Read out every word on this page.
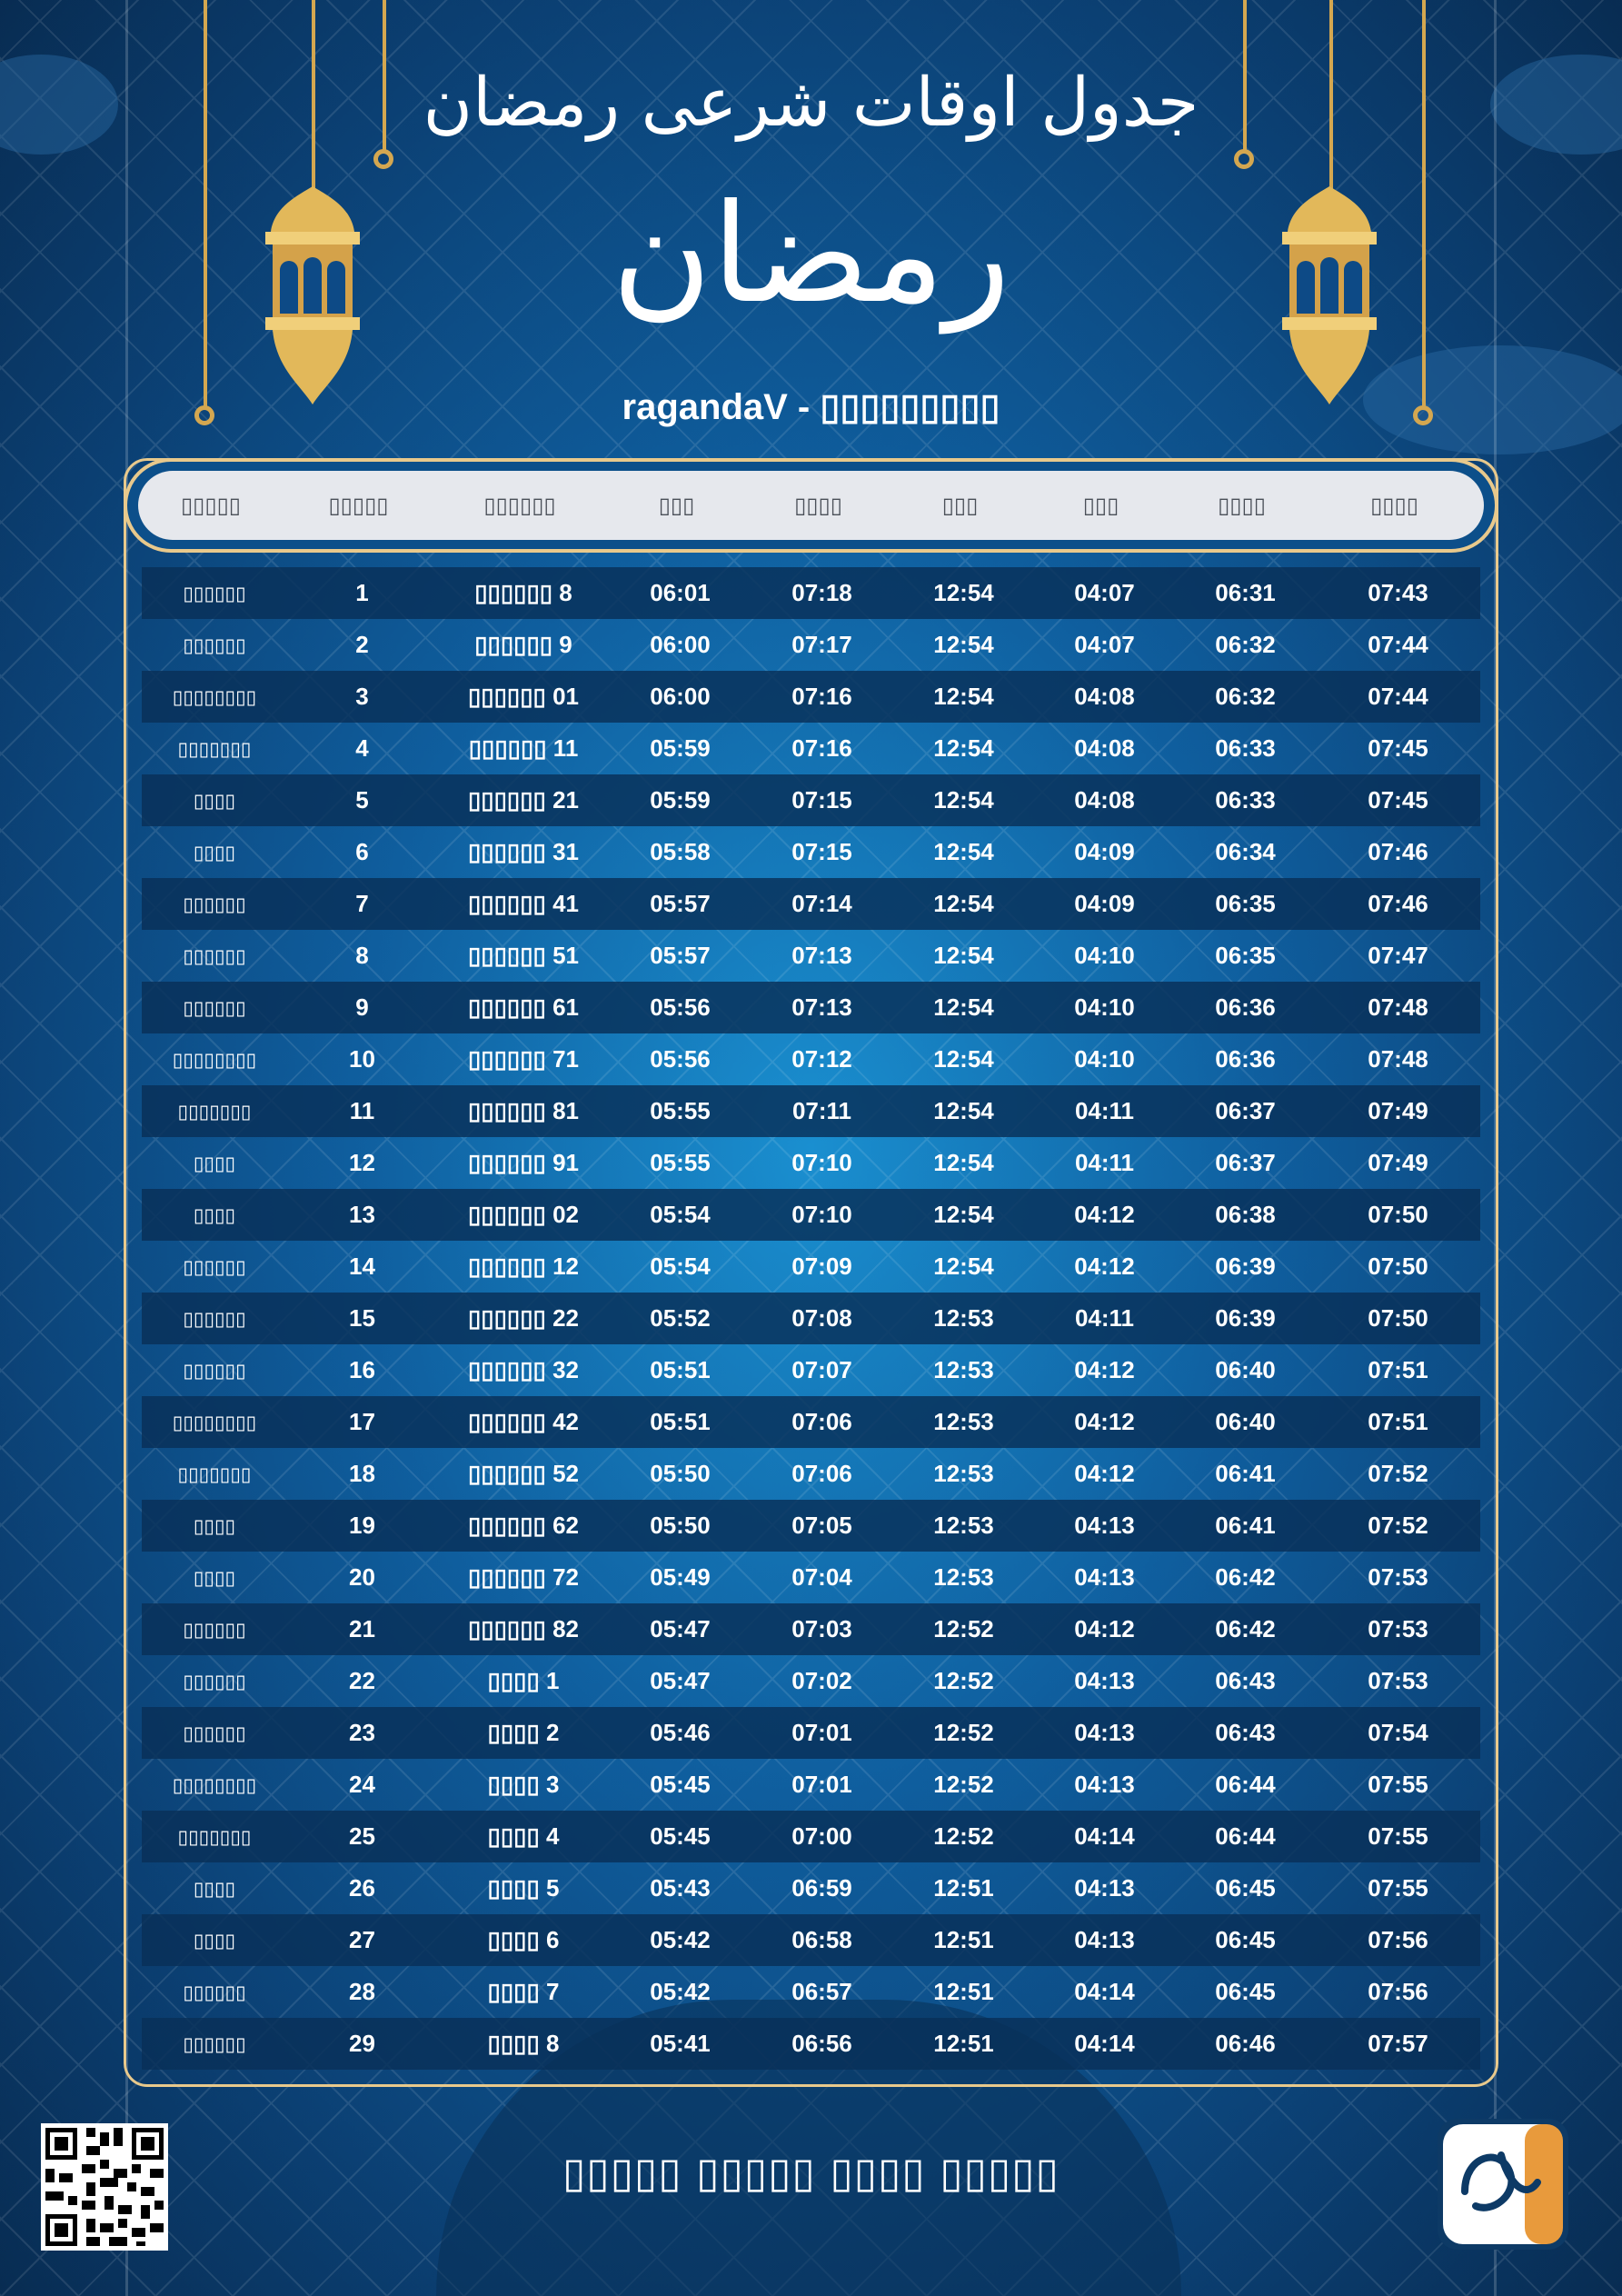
جدول اوقات شرعی رمضان
رمضان
ragandaV - ▯▯▯▯▯▯▯▯▯
▯▯▯▯▯	▯▯▯▯▯	▯▯▯▯▯▯	▯▯▯	▯▯▯▯	▯▯▯	▯▯▯	▯▯▯▯	▯▯▯▯
▯▯▯▯▯▯	1	▯▯▯▯▯▯ 8	06:01	07:18	12:54	04:07	06:31	07:43
▯▯▯▯▯▯	2	▯▯▯▯▯▯ 9	06:00	07:17	12:54	04:07	06:32	07:44
▯▯▯▯▯▯▯▯	3	▯▯▯▯▯▯ 01	06:00	07:16	12:54	04:08	06:32	07:44
▯▯▯▯▯▯▯	4	▯▯▯▯▯▯ 11	05:59	07:16	12:54	04:08	06:33	07:45
▯▯▯▯	5	▯▯▯▯▯▯ 21	05:59	07:15	12:54	04:08	06:33	07:45
▯▯▯▯	6	▯▯▯▯▯▯ 31	05:58	07:15	12:54	04:09	06:34	07:46
▯▯▯▯▯▯	7	▯▯▯▯▯▯ 41	05:57	07:14	12:54	04:09	06:35	07:46
▯▯▯▯▯▯	8	▯▯▯▯▯▯ 51	05:57	07:13	12:54	04:10	06:35	07:47
▯▯▯▯▯▯	9	▯▯▯▯▯▯ 61	05:56	07:13	12:54	04:10	06:36	07:48
▯▯▯▯▯▯▯▯	10	▯▯▯▯▯▯ 71	05:56	07:12	12:54	04:10	06:36	07:48
▯▯▯▯▯▯▯	11	▯▯▯▯▯▯ 81	05:55	07:11	12:54	04:11	06:37	07:49
▯▯▯▯	12	▯▯▯▯▯▯ 91	05:55	07:10	12:54	04:11	06:37	07:49
▯▯▯▯	13	▯▯▯▯▯▯ 02	05:54	07:10	12:54	04:12	06:38	07:50
▯▯▯▯▯▯	14	▯▯▯▯▯▯ 12	05:54	07:09	12:54	04:12	06:39	07:50
▯▯▯▯▯▯	15	▯▯▯▯▯▯ 22	05:52	07:08	12:53	04:11	06:39	07:50
▯▯▯▯▯▯	16	▯▯▯▯▯▯ 32	05:51	07:07	12:53	04:12	06:40	07:51
▯▯▯▯▯▯▯▯	17	▯▯▯▯▯▯ 42	05:51	07:06	12:53	04:12	06:40	07:51
▯▯▯▯▯▯▯	18	▯▯▯▯▯▯ 52	05:50	07:06	12:53	04:12	06:41	07:52
▯▯▯▯	19	▯▯▯▯▯▯ 62	05:50	07:05	12:53	04:13	06:41	07:52
▯▯▯▯	20	▯▯▯▯▯▯ 72	05:49	07:04	12:53	04:13	06:42	07:53
▯▯▯▯▯▯	21	▯▯▯▯▯▯ 82	05:47	07:03	12:52	04:12	06:42	07:53
▯▯▯▯▯▯	22	▯▯▯▯ 1	05:47	07:02	12:52	04:13	06:43	07:53
▯▯▯▯▯▯	23	▯▯▯▯ 2	05:46	07:01	12:52	04:13	06:43	07:54
▯▯▯▯▯▯▯▯	24	▯▯▯▯ 3	05:45	07:01	12:52	04:13	06:44	07:55
▯▯▯▯▯▯▯	25	▯▯▯▯ 4	05:45	07:00	12:52	04:14	06:44	07:55
▯▯▯▯	26	▯▯▯▯ 5	05:43	06:59	12:51	04:13	06:45	07:55
▯▯▯▯	27	▯▯▯▯ 6	05:42	06:58	12:51	04:13	06:45	07:56
▯▯▯▯▯▯	28	▯▯▯▯ 7	05:42	06:57	12:51	04:14	06:45	07:56
▯▯▯▯▯▯	29	▯▯▯▯ 8	05:41	06:56	12:51	04:14	06:46	07:57
▯▯▯▯▯ ▯▯▯▯▯ ▯▯▯▯ ▯▯▯▯▯
